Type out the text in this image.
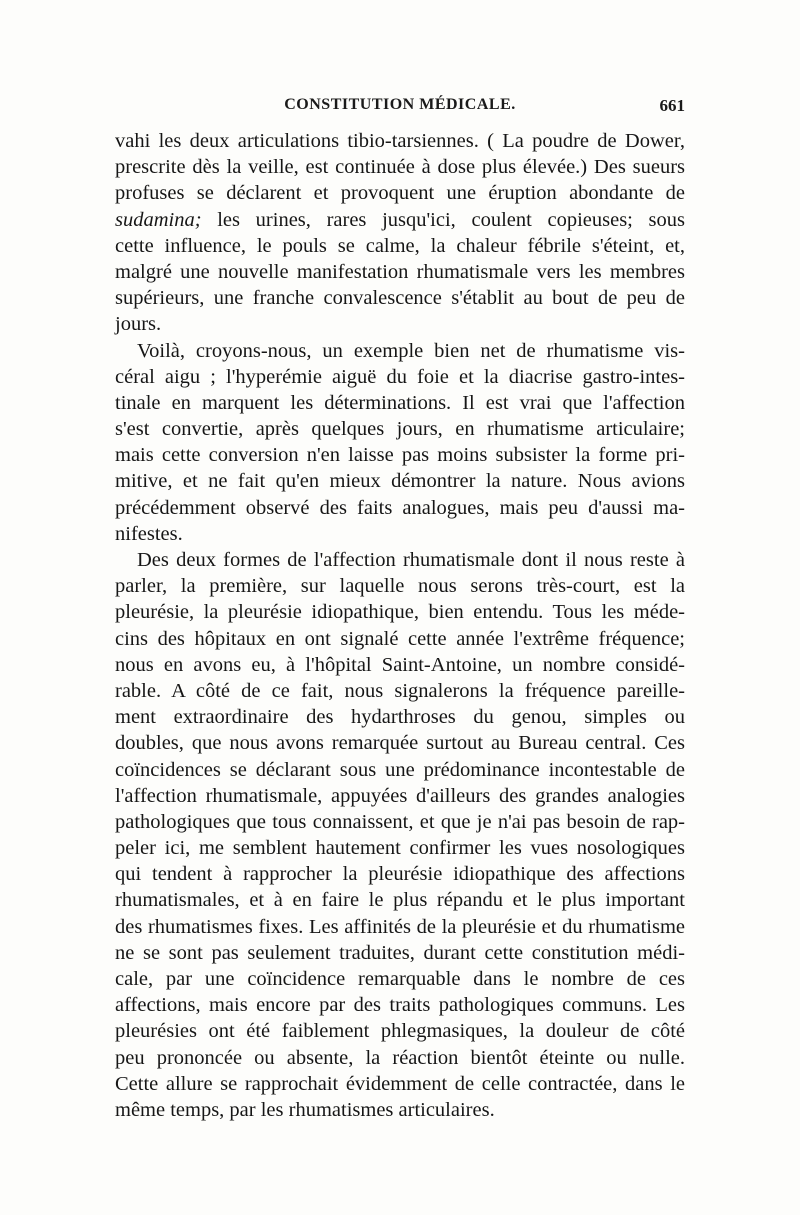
CONSTITUTION MÉDICALE.	661
vahi les deux articulations tibio-tarsiennes. ( La poudre de Dower,
prescrite dès la veille, est continuée à dose plus élevée.) Des sueurs
profuses se déclarent et provoquent une éruption abondante de
sudamina; les urines, rares jusqu'ici, coulent copieuses; sous
cette influence, le pouls se calme, la chaleur fébrile s'éteint, et,
malgré une nouvelle manifestation rhumatismale vers les membres
supérieurs, une franche convalescence s'établit au bout de peu de
jours.
Voilà, croyons-nous, un exemple bien net de rhumatisme vis-
céral aigu ; l'hyperémie aiguë du foie et la diacrise gastro-intes-
tinale en marquent les déterminations. Il est vrai que l'affection
s'est convertie, après quelques jours, en rhumatisme articulaire;
mais cette conversion n'en laisse pas moins subsister la forme pri-
mitive, et ne fait qu'en mieux démontrer la nature. Nous avions
précédemment observé des faits analogues, mais peu d'aussi ma-
nifestes.
Des deux formes de l'affection rhumatismale dont il nous reste à
parler, la première, sur laquelle nous serons très-court, est la
pleurésie, la pleurésie idiopathique, bien entendu. Tous les méde-
cins des hôpitaux en ont signalé cette année l'extrême fréquence;
nous en avons eu, à l'hôpital Saint-Antoine, un nombre considé-
rable. A côté de ce fait, nous signalerons la fréquence pareille-
ment extraordinaire des hydarthroses du genou, simples ou
doubles, que nous avons remarquée surtout au Bureau central. Ces
coïncidences se déclarant sous une prédominance incontestable de
l'affection rhumatismale, appuyées d'ailleurs des grandes analogies
pathologiques que tous connaissent, et que je n'ai pas besoin de rap-
peler ici, me semblent hautement confirmer les vues nosologiques
qui tendent à rapprocher la pleurésie idiopathique des affections
rhumatismales, et à en faire le plus répandu et le plus important
des rhumatismes fixes. Les affinités de la pleurésie et du rhumatisme
ne se sont pas seulement traduites, durant cette constitution médi-
cale, par une coïncidence remarquable dans le nombre de ces
affections, mais encore par des traits pathologiques communs. Les
pleurésies ont été faiblement phlegmasiques, la douleur de côté
peu prononcée ou absente, la réaction bientôt éteinte ou nulle.
Cette allure se rapprochait évidemment de celle contractée, dans le
même temps, par les rhumatismes articulaires.
